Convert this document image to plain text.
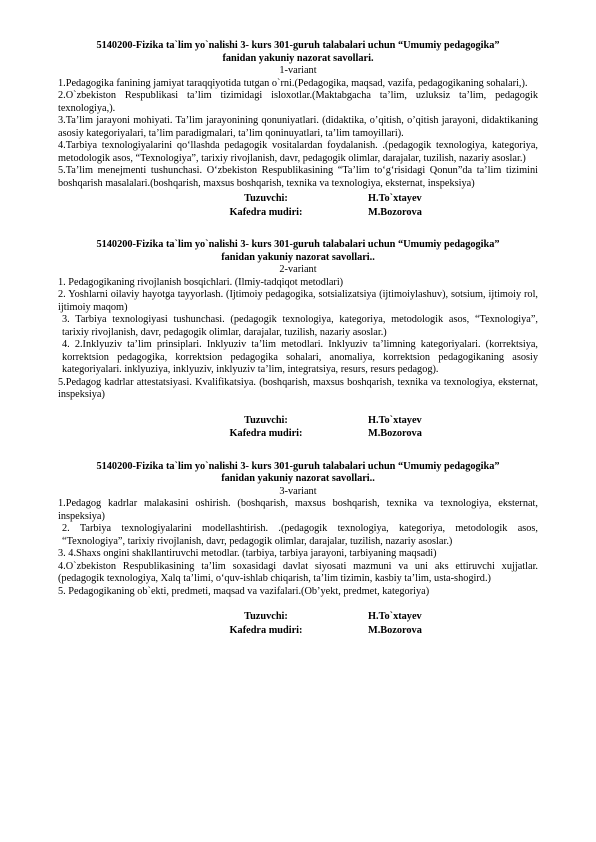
5140200-Fizika ta`lim yo`nalishi 3- kurs 301-guruh talabalari uchun “Umumiy pedagogika”
fanidan yakuniy nazorat savollari.
1-variant

1.Pedagogika fanining jamiyat taraqqiyotida tutgan o`rni.(Pedagogika, maqsad, vazifa, pedagogikaning sohalari,).

2.O`zbekiston Respublikasi ta’lim tizimidagi isloxotlar.(Maktabgacha ta’lim, uzluksiz ta’lim, pedagogik texnologiya,).

3.Ta’lim jarayoni mohiyati. Ta’lim jarayonining qonuniyatlari. (didaktika, o’qitish, o’qitish jarayoni, didaktikaning asosiy kategoriyalari, ta’lim paradigmalari, ta’lim qoninuyatlari, ta’lim tamoyillari).

4.Tarbiya texnologiyalarini qo‘llashda pedagogik vositalardan foydalanish. .(pedagogik texnologiya, kategoriya, metodologik asos, “Texnologiya”, tarixiy rivojlanish, davr, pedagogik olimlar, darajalar, tuzilish, nazariy asoslar.)

5.Ta’lim menejmenti tushunchasi. O‘zbekiston Respublikasining “Ta’lim to‘g‘risidagi Qonun”da ta’lim tizimini boshqarish masalalari.(boshqarish, maxsus boshqarish, texnika va texnologiya, eksternat, inspeksiya)

Tuzuvchi:	H.To`xtayev
Kafedra mudiri:	M.Bozorova
5140200-Fizika ta`lim yo`nalishi 3- kurs 301-guruh talabalari uchun “Umumiy pedagogika”
fanidan yakuniy nazorat savollari..
2-variant

1. Pedagogikaning rivojlanish bosqichlari. (Ilmiy-tadqiqot metodlari)

2. Yoshlarni oilaviy hayotga tayyorlash. (Ijtimoiy pedagogika, sotsializatsiya (ijtimoiylashuv), sotsium, ijtimoiy rol, ijtimoiy maqom)

3. Tarbiya texnologiyasi tushunchasi. (pedagogik texnologiya, kategoriya, metodologik asos, “Texnologiya”, tarixiy rivojlanish, davr, pedagogik olimlar, darajalar, tuzilish, nazariy asoslar.)

4. 2.Inklyuziv ta’lim prinsiplari. Inklyuziv ta’lim metodlari. Inklyuziv ta’limning kategoriyalari. (korrektsiya, korrektsion pedagogika, korrektsion pedagogika sohalari, anomaliya, korrektsion pedagogikaning asosiy kategoriyalari. inklyuziya, inklyuziv, inklyuziv ta’lim, integratsiya, resurs, resurs pedagog).

5.Pedagog kadrlar attestatsiyasi. Kvalifikatsiya. (boshqarish, maxsus boshqarish, texnika va texnologiya, eksternat, inspeksiya)

Tuzuvchi:	H.To`xtayev
Kafedra mudiri:	M.Bozorova
5140200-Fizika ta`lim yo`nalishi 3- kurs 301-guruh talabalari uchun “Umumiy pedagogika”
fanidan yakuniy nazorat savollari..
3-variant

1.Pedagog kadrlar malakasini oshirish. (boshqarish, maxsus boshqarish, texnika va texnologiya, eksternat, inspeksiya)

2. Tarbiya texnologiyalarini modellashtirish. .(pedagogik texnologiya, kategoriya, metodologik asos, “Texnologiya”, tarixiy rivojlanish, davr, pedagogik olimlar, darajalar, tuzilish, nazariy asoslar.)

3. 4.Shaxs ongini shakllantiruvchi metodlar. (tarbiya, tarbiya jarayoni, tarbiyaning maqsadi)

4.O`zbekiston Respublikasining ta’lim soxasidagi davlat siyosati mazmuni va uni aks ettiruvchi xujjatlar. (pedagogik texnologiya, Xalq ta’limi, o‘quv-ishlab chiqarish, ta’lim tizimin, kasbiy ta’lim, usta-shogird.)

5. Pedagogikaning ob`ekti, predmeti, maqsad va vazifalari.(Ob’yekt, predmet, kategoriya)

Tuzuvchi:	H.To`xtayev
Kafedra mudiri:	M.Bozorova
